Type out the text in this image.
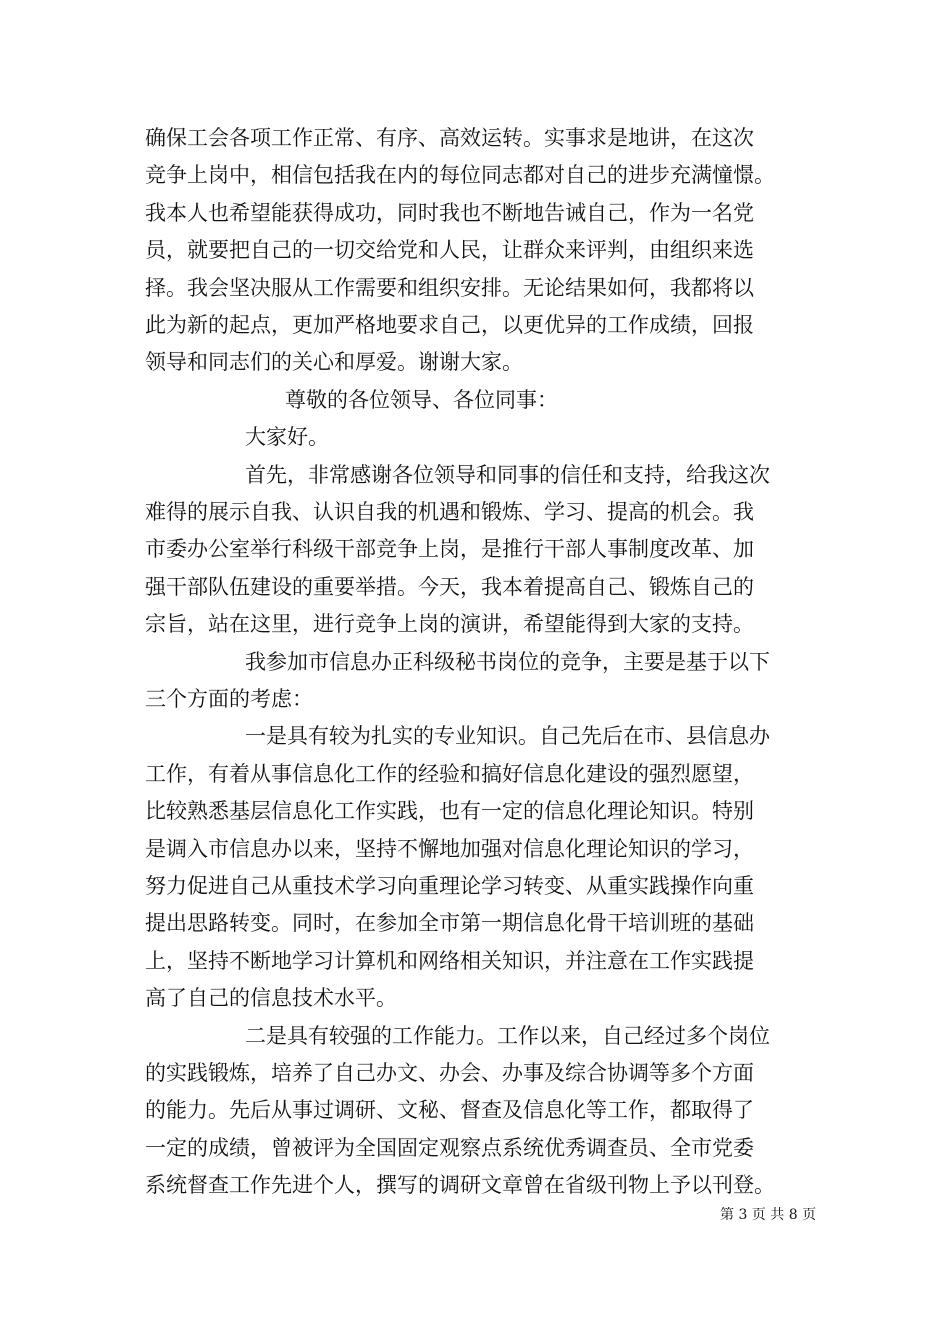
确保工会各项工作正常、有序、高效运转。实事求是地讲，在这次
竞争上岗中，相信包括我在内的每位同志都对自己的进步充满憧憬。
我本人也希望能获得成功，同时我也不断地告诫自己，作为一名党
员，就要把自己的一切交给党和人民，让群众来评判，由组织来选
择。我会坚决服从工作需要和组织安排。无论结果如何，我都将以
此为新的起点，更加严格地要求自己，以更优异的工作成绩，回报
领导和同志们的关心和厚爱。谢谢大家。
尊敬的各位领导、各位同事：
大家好。
首先，非常感谢各位领导和同事的信任和支持，给我这次
难得的展示自我、认识自我的机遇和锻炼、学习、提高的机会。我
市委办公室举行科级干部竞争上岗，是推行干部人事制度改革、加
强干部队伍建设的重要举措。今天，我本着提高自己、锻炼自己的
宗旨，站在这里，进行竞争上岗的演讲，希望能得到大家的支持。
我参加市信息办正科级秘书岗位的竞争，主要是基于以下
三个方面的考虑：
一是具有较为扎实的专业知识。自己先后在市、县信息办
工作，有着从事信息化工作的经验和搞好信息化建设的强烈愿望，
比较熟悉基层信息化工作实践，也有一定的信息化理论知识。特别
是调入市信息办以来，坚持不懈地加强对信息化理论知识的学习，
努力促进自己从重技术学习向重理论学习转变、从重实践操作向重
提出思路转变。同时，在参加全市第一期信息化骨干培训班的基础
上，坚持不断地学习计算机和网络相关知识，并注意在工作实践提
高了自己的信息技术水平。
二是具有较强的工作能力。工作以来，自己经过多个岗位
的实践锻炼，培养了自己办文、办会、办事及综合协调等多个方面
的能力。先后从事过调研、文秘、督查及信息化等工作，都取得了
一定的成绩，曾被评为全国固定观察点系统优秀调查员、全市党委
系统督查工作先进个人，撰写的调研文章曾在省级刊物上予以刊登。
第 3 页 共 8 页
